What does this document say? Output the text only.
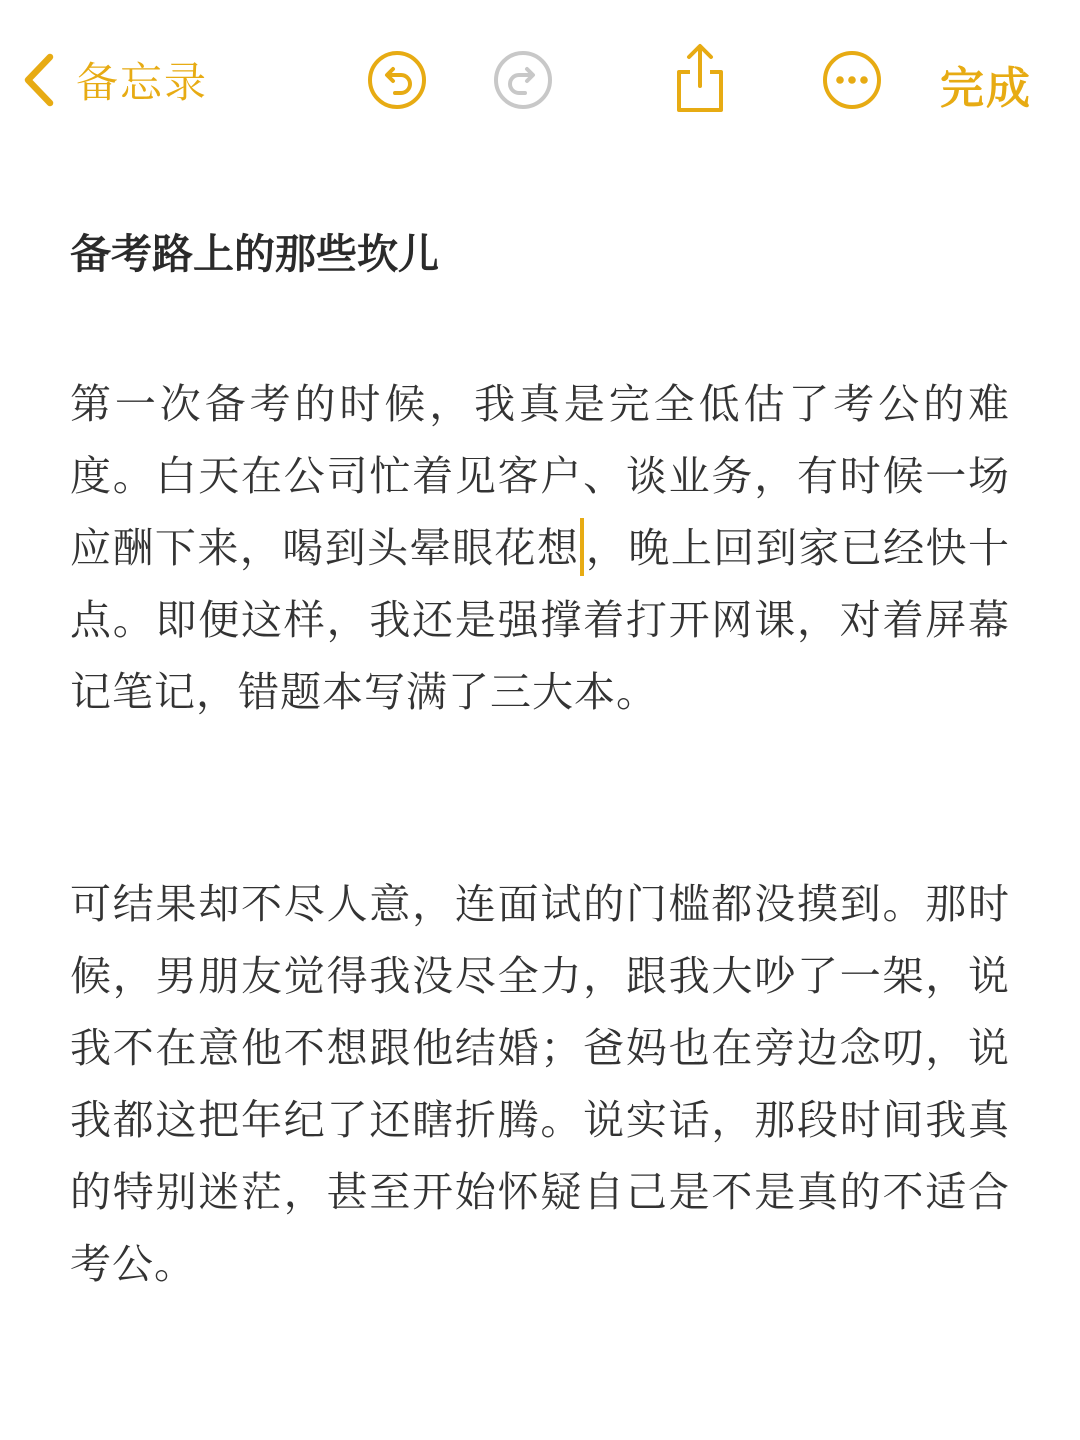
备忘录	完成

备考路上的那些坎儿

第一次备考的时候，我真是完全低估了考公的难度。白天在公司忙着见客户、谈业务，有时候一场应酬下来，喝到头晕眼花想 ，晚上回到家已经快十点。即便这样，我还是强撑着打开网课，对着屏幕记笔记，错题本写满了三大本。

可结果却不尽人意，连面试的门槛都没摸到。那时候，男朋友觉得我没尽全力，跟我大吵了一架，说我不在意他不想跟他结婚；爸妈也在旁边念叨，说我都这把年纪了还瞎折腾。说实话，那段时间我真的特别迷茫，甚至开始怀疑自己是不是真的不适合考公。
